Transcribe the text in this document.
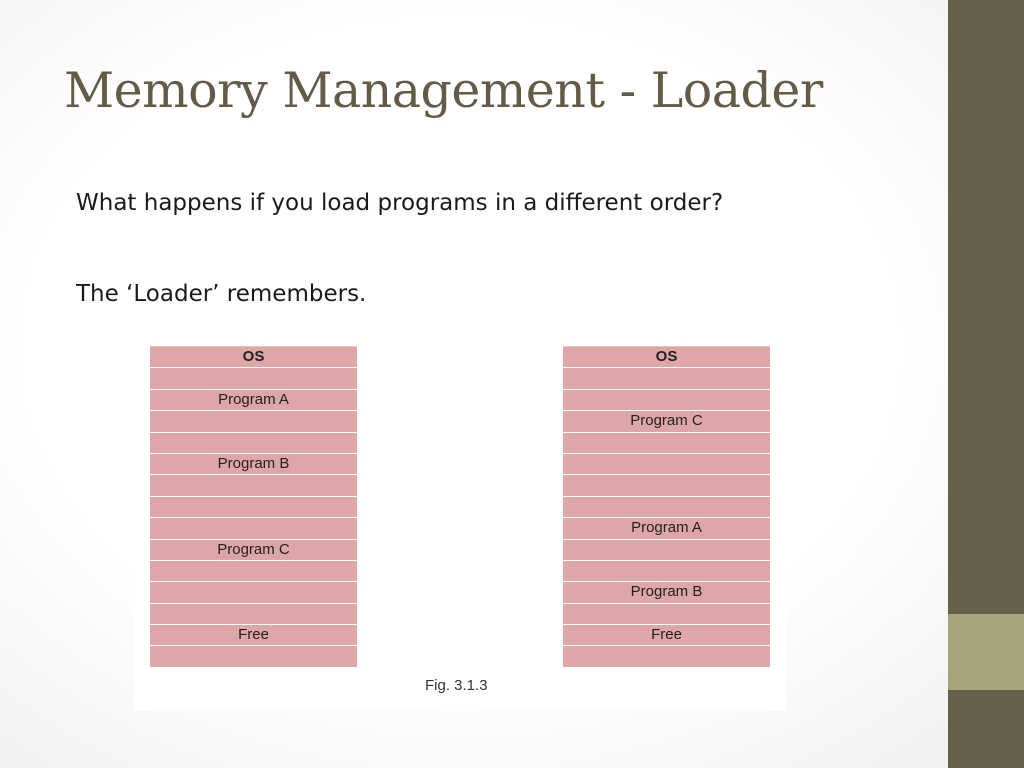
Memory Management - Loader

What happens if you load programs in a different order?

The ‘Loader’ remembers.

OS
Program A
Program B
Program C
Free
OS
Program C
Program A
Program B
Free
Fig. 3.1.3
